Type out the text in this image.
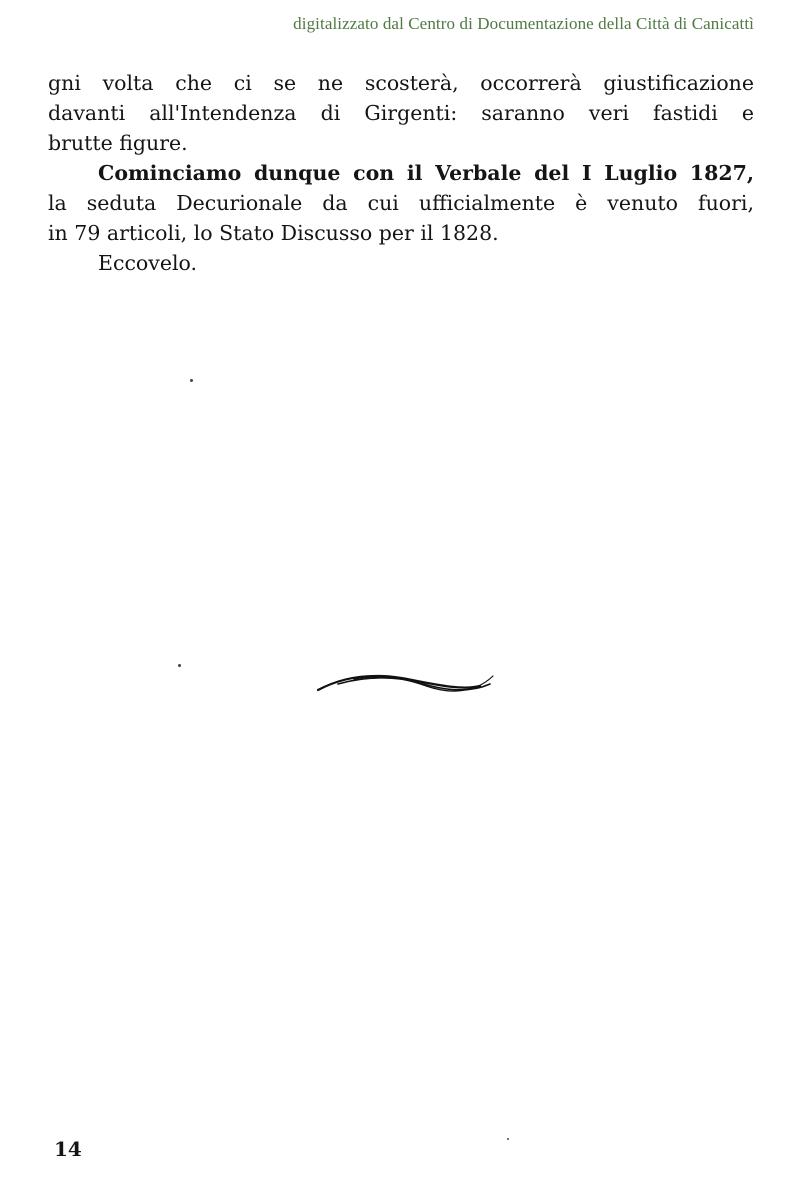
digitalizzato dal Centro di Documentazione della Città di Canicattì
gni volta che ci se ne scosterà, occorrerà giustificazione
davanti all'Intendenza di Girgenti: saranno veri fastidi e
brutte figure.
Cominciamo dunque con il Verbale del I Luglio 1827,
la seduta Decurionale da cui ufficialmente è venuto fuori,
in 79 articoli, lo Stato Discusso per il 1828.
Eccovelo.
14
